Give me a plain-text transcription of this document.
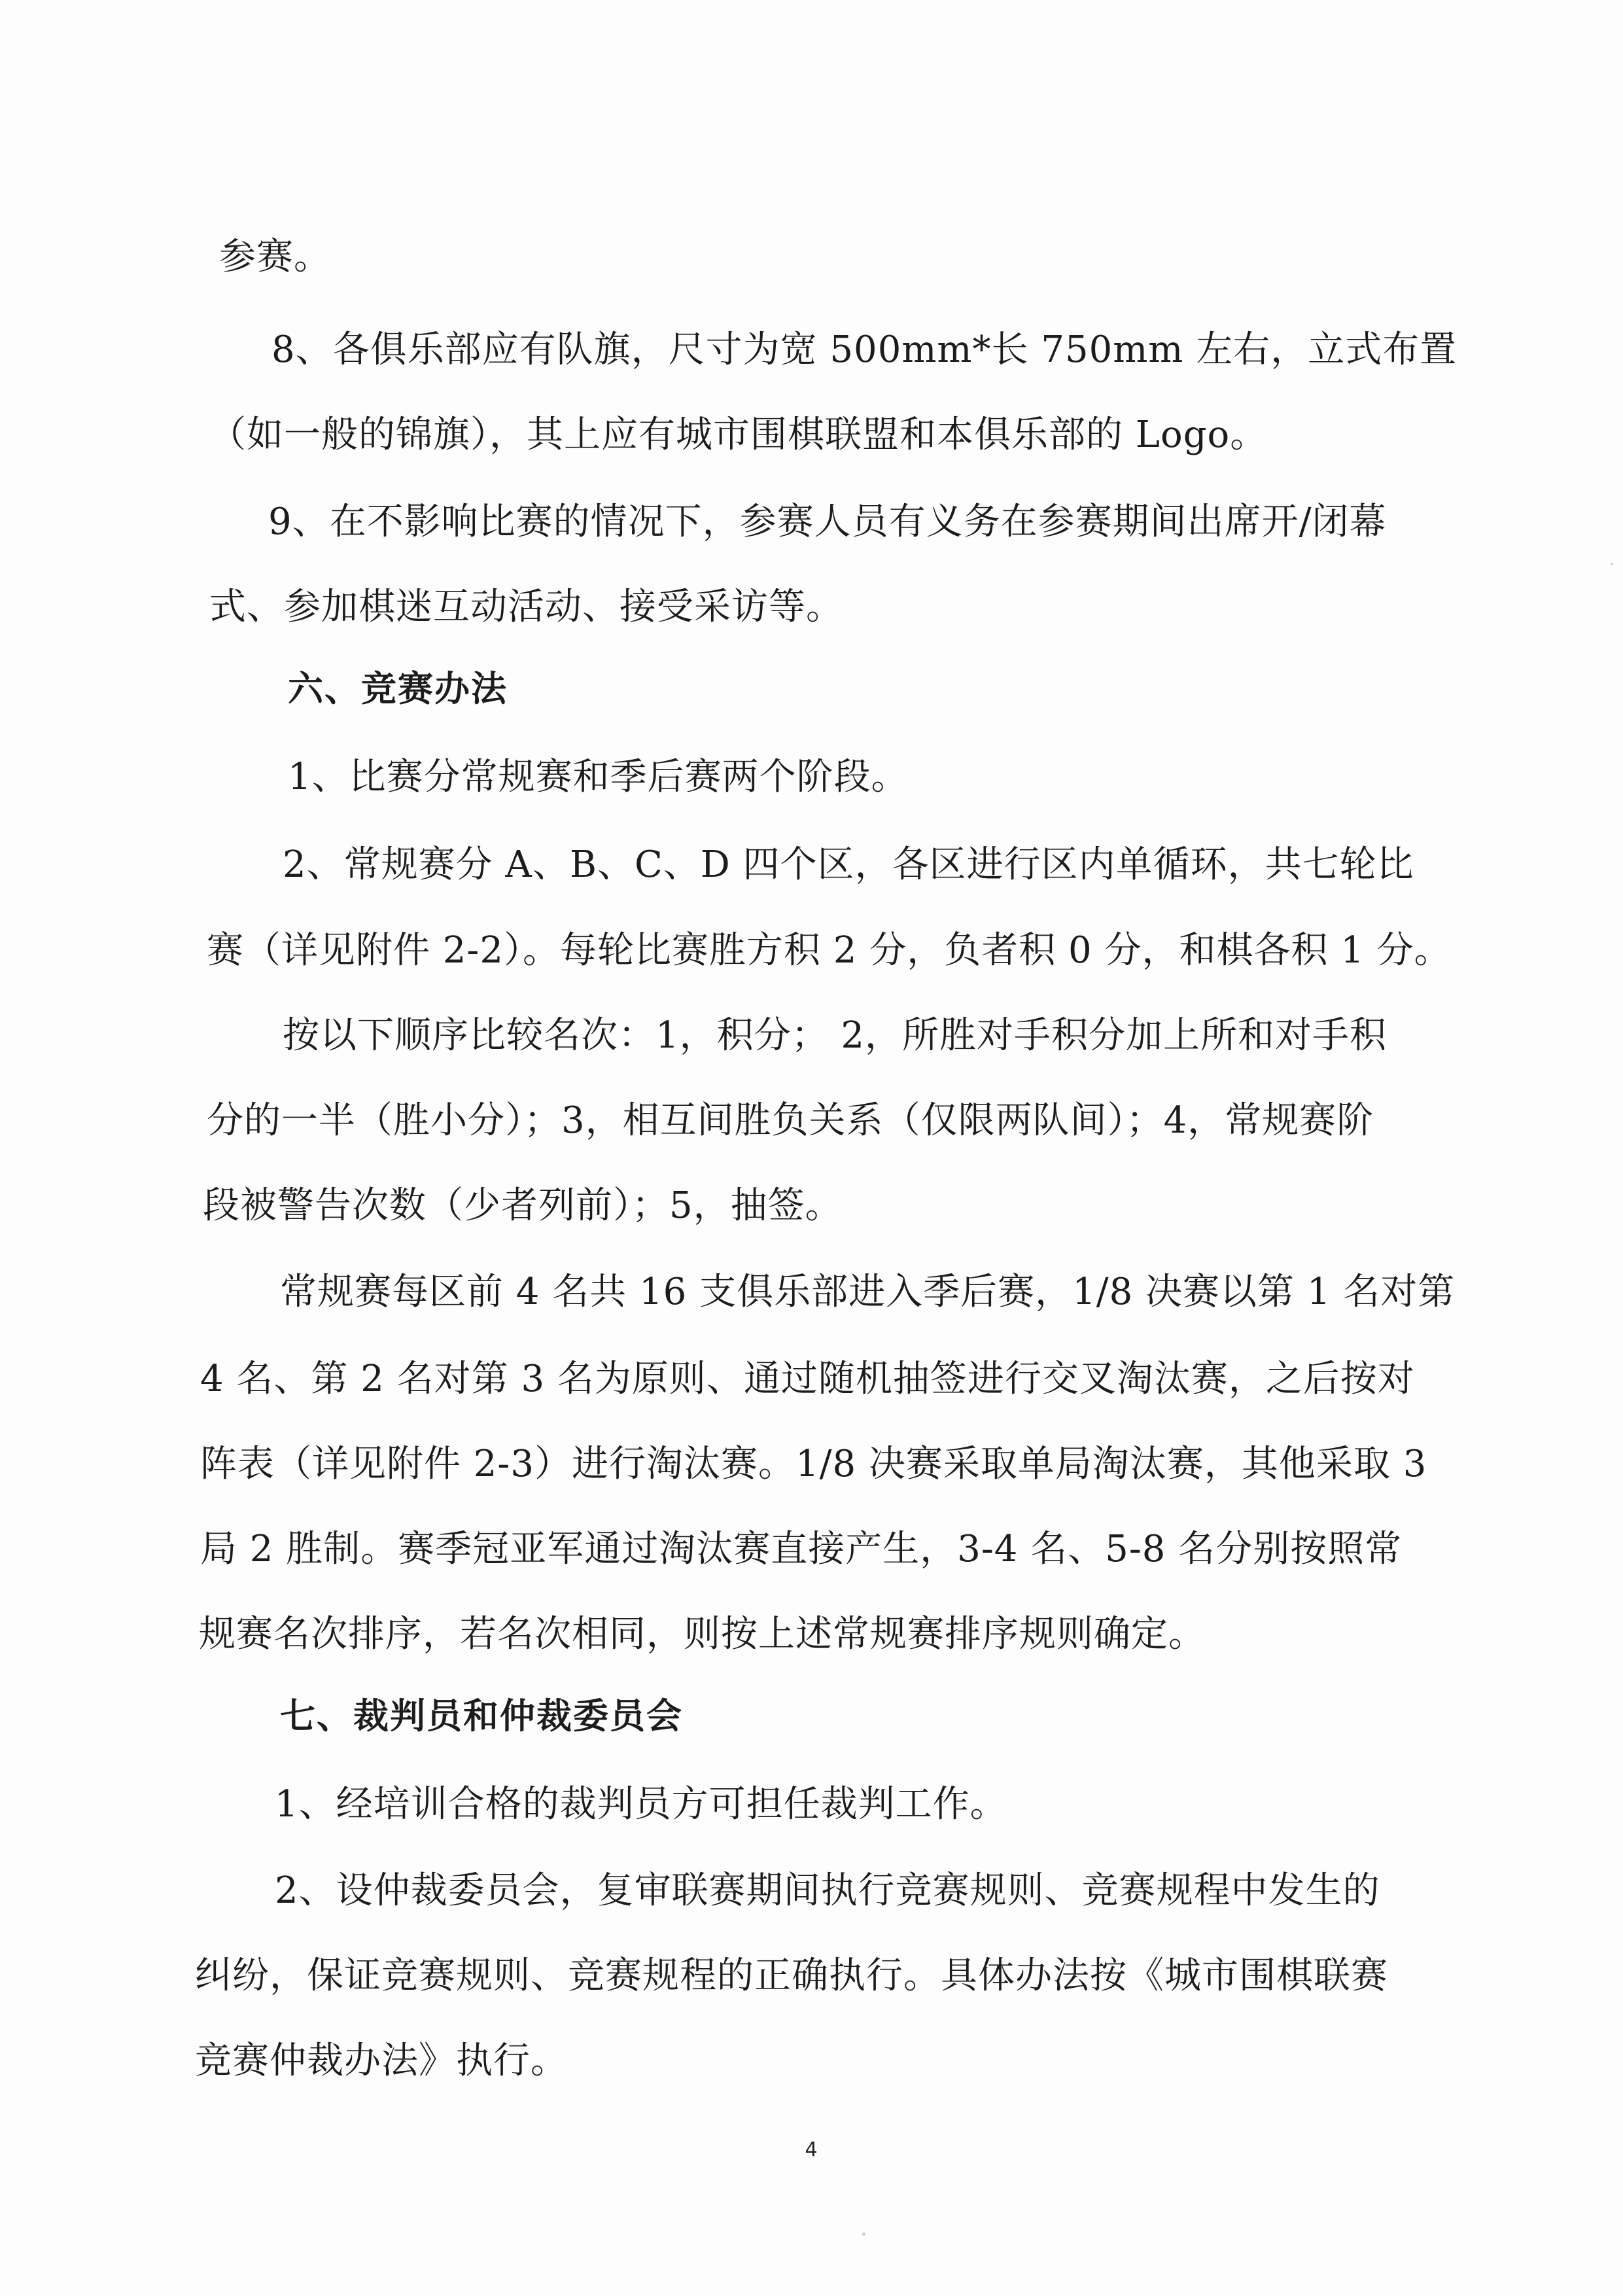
参赛。
8、各俱乐部应有队旗，尺寸为宽 500mm*长 750mm 左右，立式布置
（如一般的锦旗），其上应有城市围棋联盟和本俱乐部的 Logo。
9、在不影响比赛的情况下，参赛人员有义务在参赛期间出席开/闭幕
式、参加棋迷互动活动、接受采访等。
六、竞赛办法
1、比赛分常规赛和季后赛两个阶段。
2、常规赛分 A、B、C、D 四个区，各区进行区内单循环，共七轮比
赛（详见附件 2-2）。每轮比赛胜方积 2 分，负者积 0 分，和棋各积 1 分。
按以下顺序比较名次：1，积分； 2，所胜对手积分加上所和对手积
分的一半（胜小分）；3，相互间胜负关系（仅限两队间）；4，常规赛阶
段被警告次数（少者列前）；5，抽签。
常规赛每区前 4 名共 16 支俱乐部进入季后赛，1/8 决赛以第 1 名对第
4 名、第 2 名对第 3 名为原则、通过随机抽签进行交叉淘汰赛，之后按对
阵表（详见附件 2-3）进行淘汰赛。1/8 决赛采取单局淘汰赛，其他采取 3
局 2 胜制。赛季冠亚军通过淘汰赛直接产生，3-4 名、5-8 名分别按照常
规赛名次排序，若名次相同，则按上述常规赛排序规则确定。
七、裁判员和仲裁委员会
1、经培训合格的裁判员方可担任裁判工作。
2、设仲裁委员会，复审联赛期间执行竞赛规则、竞赛规程中发生的
纠纷，保证竞赛规则、竞赛规程的正确执行。具体办法按《城市围棋联赛
竞赛仲裁办法》执行。
4
